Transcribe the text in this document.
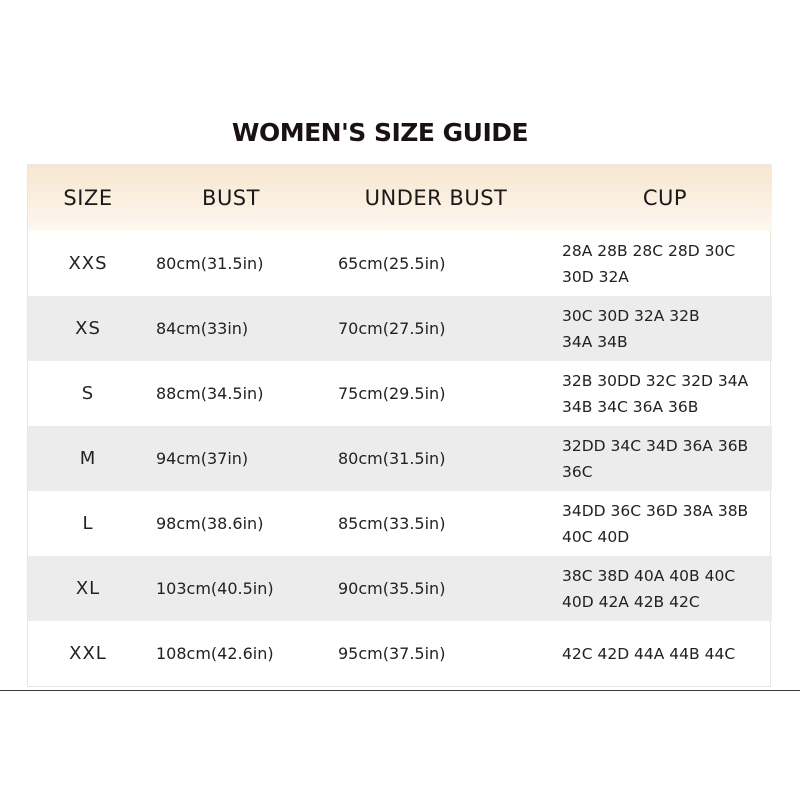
WOMEN'S SIZE GUIDE
SIZE	BUST	UNDER BUST	CUP
XXS	80cm(31.5in)	65cm(25.5in)	28A 28B 28C 28D 30C
30D 32A
XS	84cm(33in)	70cm(27.5in)	30C 30D 32A 32B
34A 34B
S	88cm(34.5in)	75cm(29.5in)	32B 30DD 32C 32D 34A
34B 34C 36A 36B
M	94cm(37in)	80cm(31.5in)	32DD 34C 34D 36A 36B
36C
L	98cm(38.6in)	85cm(33.5in)	34DD 36C 36D 38A 38B
40C 40D
XL	103cm(40.5in)	90cm(35.5in)	38C 38D 40A 40B 40C
40D 42A 42B 42C
XXL	108cm(42.6in)	95cm(37.5in)	42C 42D 44A 44B 44C
